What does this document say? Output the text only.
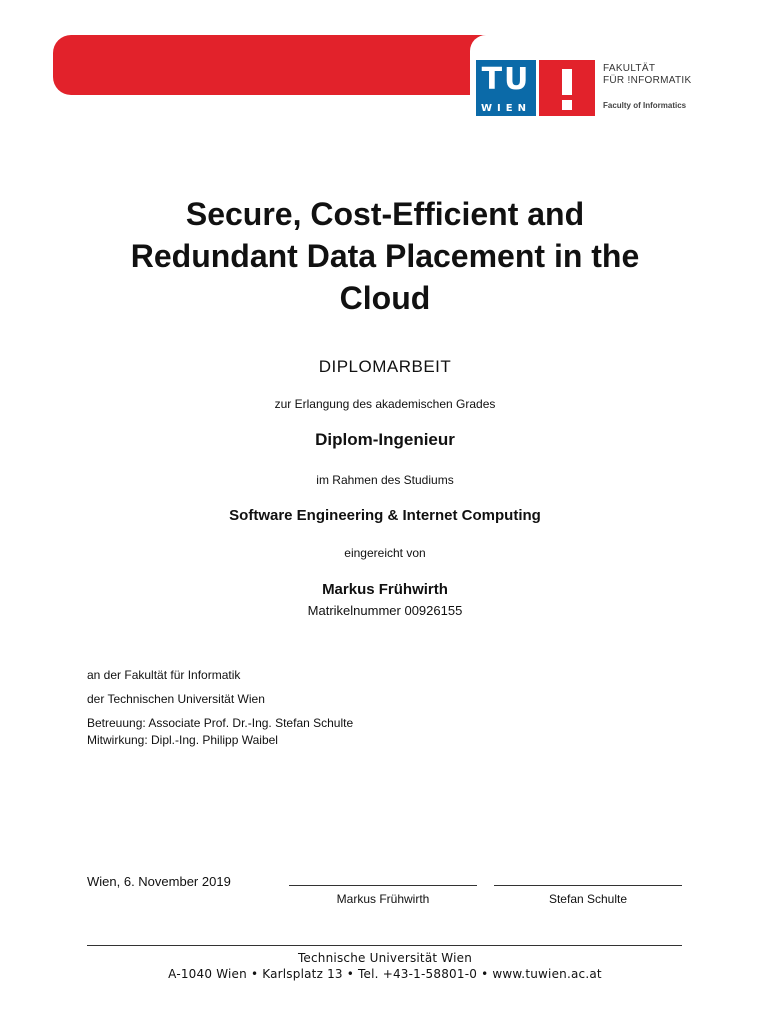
TU
WIEN
FAKULTÄT
FÜR !NFORMATIK
Faculty of Informatics
Secure, Cost-Efficient and
Redundant Data Placement in the
Cloud
DIPLOMARBEIT
zur Erlangung des akademischen Grades
Diplom-Ingenieur
im Rahmen des Studiums
Software Engineering & Internet Computing
eingereicht von
Markus Frühwirth
Matrikelnummer 00926155
an der Fakultät für Informatik
der Technischen Universität Wien
Betreuung: Associate Prof. Dr.-Ing. Stefan Schulte
Mitwirkung: Dipl.-Ing. Philipp Waibel
Wien, 6. November 2019
Markus Frühwirth	Stefan Schulte
Technische Universität Wien
A-1040 Wien • Karlsplatz 13 • Tel. +43-1-58801-0 • www.tuwien.ac.at
